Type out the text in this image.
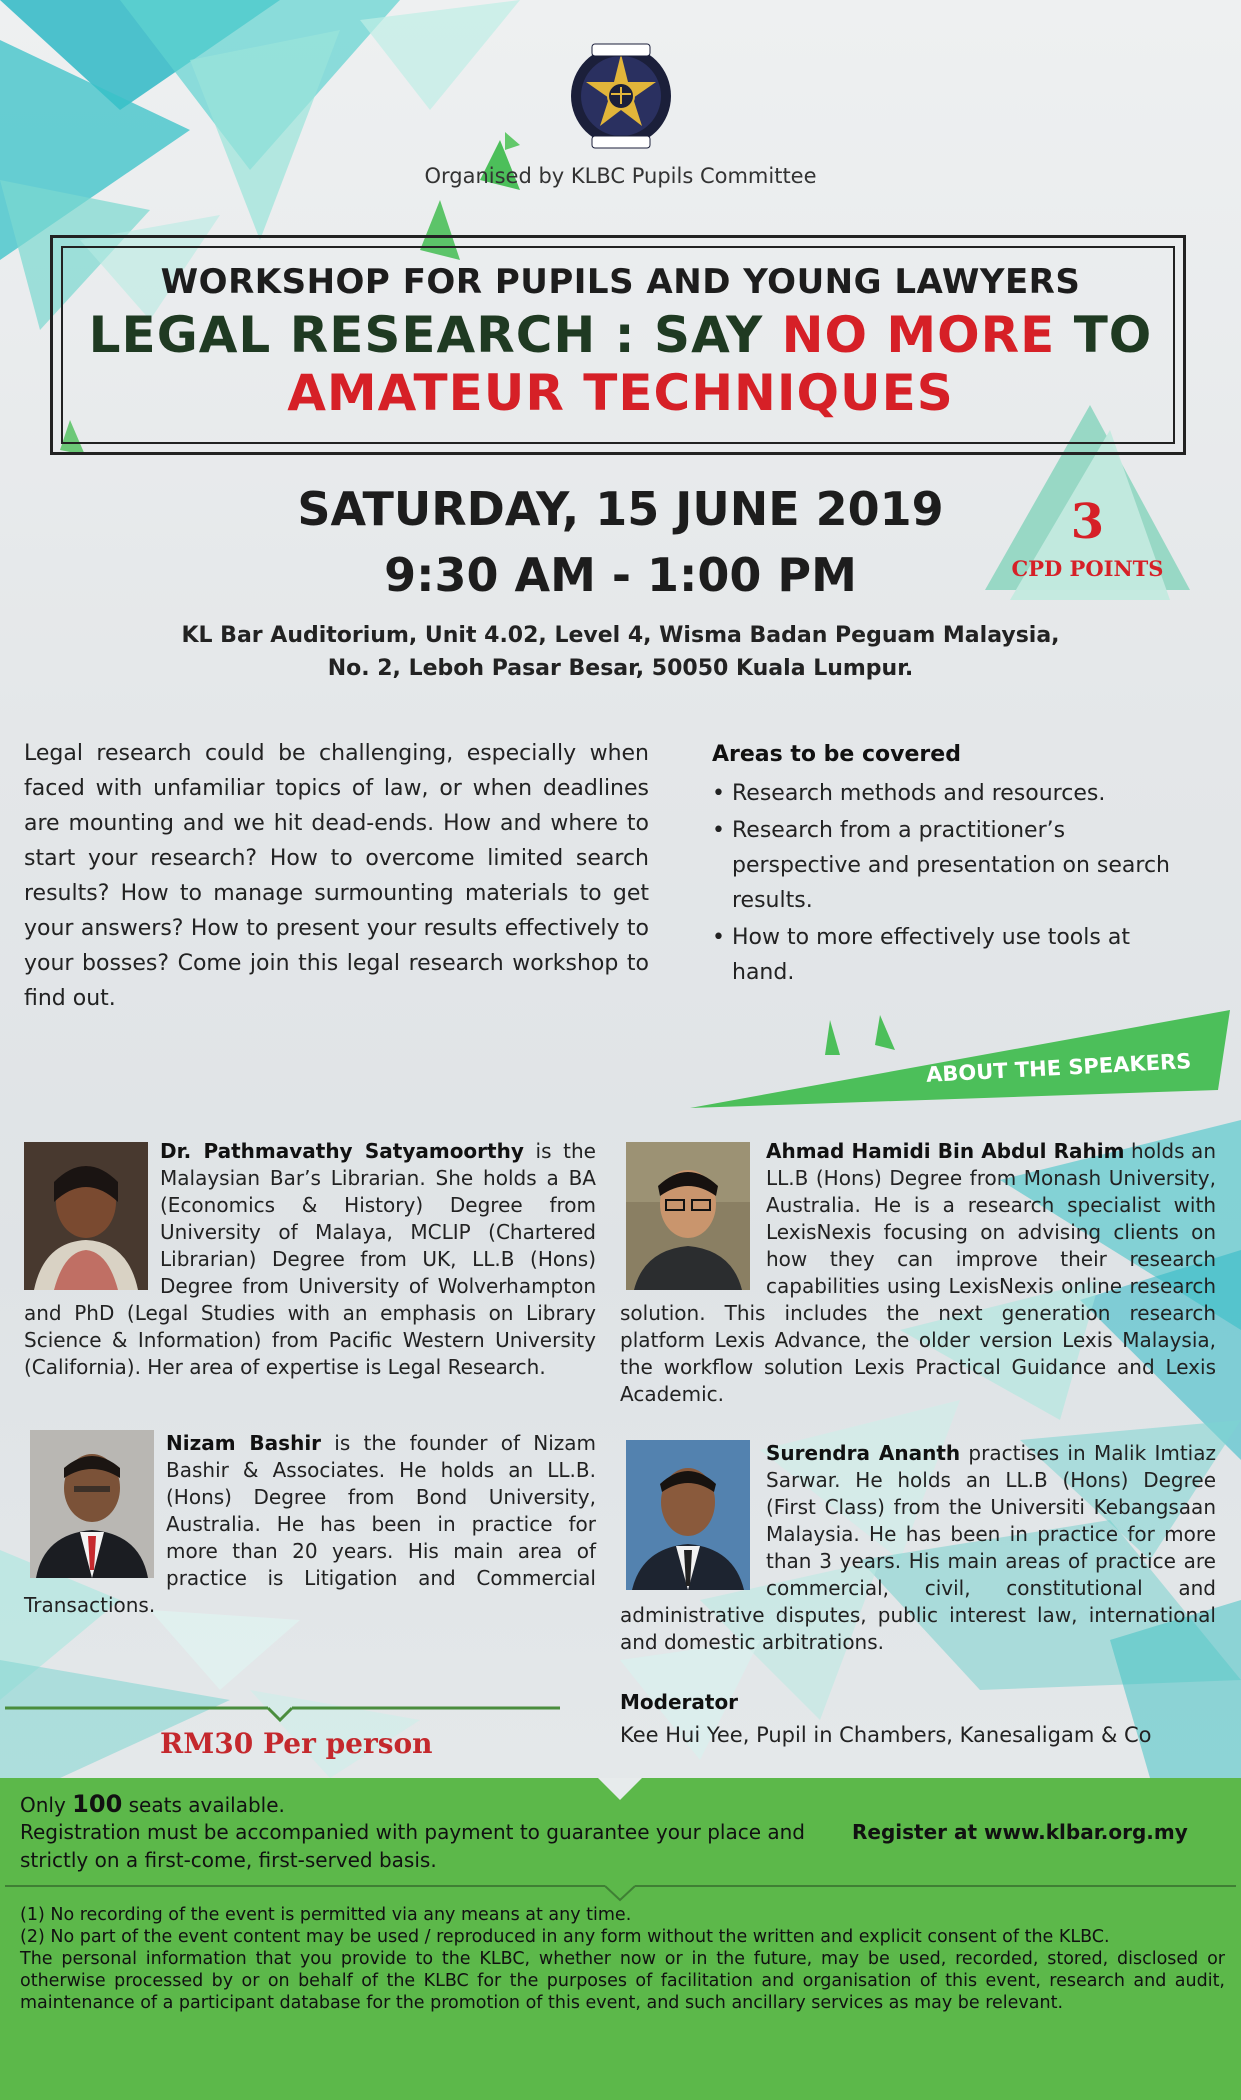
Organised by KLBC Pupils Committee
WORKSHOP FOR PUPILS AND YOUNG LAWYERS
LEGAL RESEARCH : SAY NO MORE TO
AMATEUR TECHNIQUES
SATURDAY, 15 JUNE 2019
9:30 AM - 1:00 PM
3
CPD POINTS
KL Bar Auditorium, Unit 4.02, Level 4, Wisma Badan Peguam Malaysia,
No. 2, Leboh Pasar Besar, 50050 Kuala Lumpur.
Legal research could be challenging, especially when faced with unfamiliar topics of law, or when deadlines are mounting and we hit dead-ends. How and where to start your research? How to overcome limited search results? How to manage surmounting materials to get your answers? How to present your results effectively to your bosses? Come join this legal research workshop to find out.
Areas to be covered
• Research methods and resources.
• Research from a practitioner’s perspective and presentation on search results.
• How to more effectively use tools at hand.
ABOUT THE SPEAKERS
Dr. Pathmavathy Satyamoorthy is the Malaysian Bar’s Librarian. She holds a BA (Economics & History) Degree from University of Malaya, MCLIP (Chartered Librarian) Degree from UK, LL.B (Hons) Degree from University of Wolverhampton and PhD (Legal Studies with an emphasis on Library Science & Information) from Pacific Western University (California). Her area of expertise is Legal Research.
Nizam Bashir is the founder of Nizam Bashir & Associates. He holds an LL.B. (Hons) Degree from Bond University, Australia. He has been in practice for more than 20 years. His main area of practice is Litigation and Commercial Transactions.
Ahmad Hamidi Bin Abdul Rahim holds an LL.B (Hons) Degree from Monash University, Australia. He is a research specialist with LexisNexis focusing on advising clients on how they can improve their research capabilities using LexisNexis online research solution. This includes the next generation research platform Lexis Advance, the older version Lexis Malaysia, the workflow solution Lexis Practical Guidance and Lexis Academic.
Surendra Ananth practises in Malik Imtiaz Sarwar. He holds an LL.B (Hons) Degree (First Class) from the Universiti Kebangsaan Malaysia. He has been in practice for more than 3 years. His main areas of practice are commercial, civil, constitutional and administrative disputes, public interest law, international and domestic arbitrations.
Moderator
Kee Hui Yee, Pupil in Chambers, Kanesaligam & Co
RM30 Per person
Only 100 seats available.
Registration must be accompanied with payment to guarantee your place and strictly on a first-come, first-served basis.
Register at www.klbar.org.my

(1) No recording of the event is permitted via any means at any time.

(2) No part of the event content may be used / reproduced in any form without the written and explicit consent of the KLBC.

The personal information that you provide to the KLBC, whether now or in the future, may be used, recorded, stored, disclosed or otherwise processed by or on behalf of the KLBC for the purposes of facilitation and organisation of this event, research and audit, maintenance of a participant database for the promotion of this event, and such ancillary services as may be relevant.
